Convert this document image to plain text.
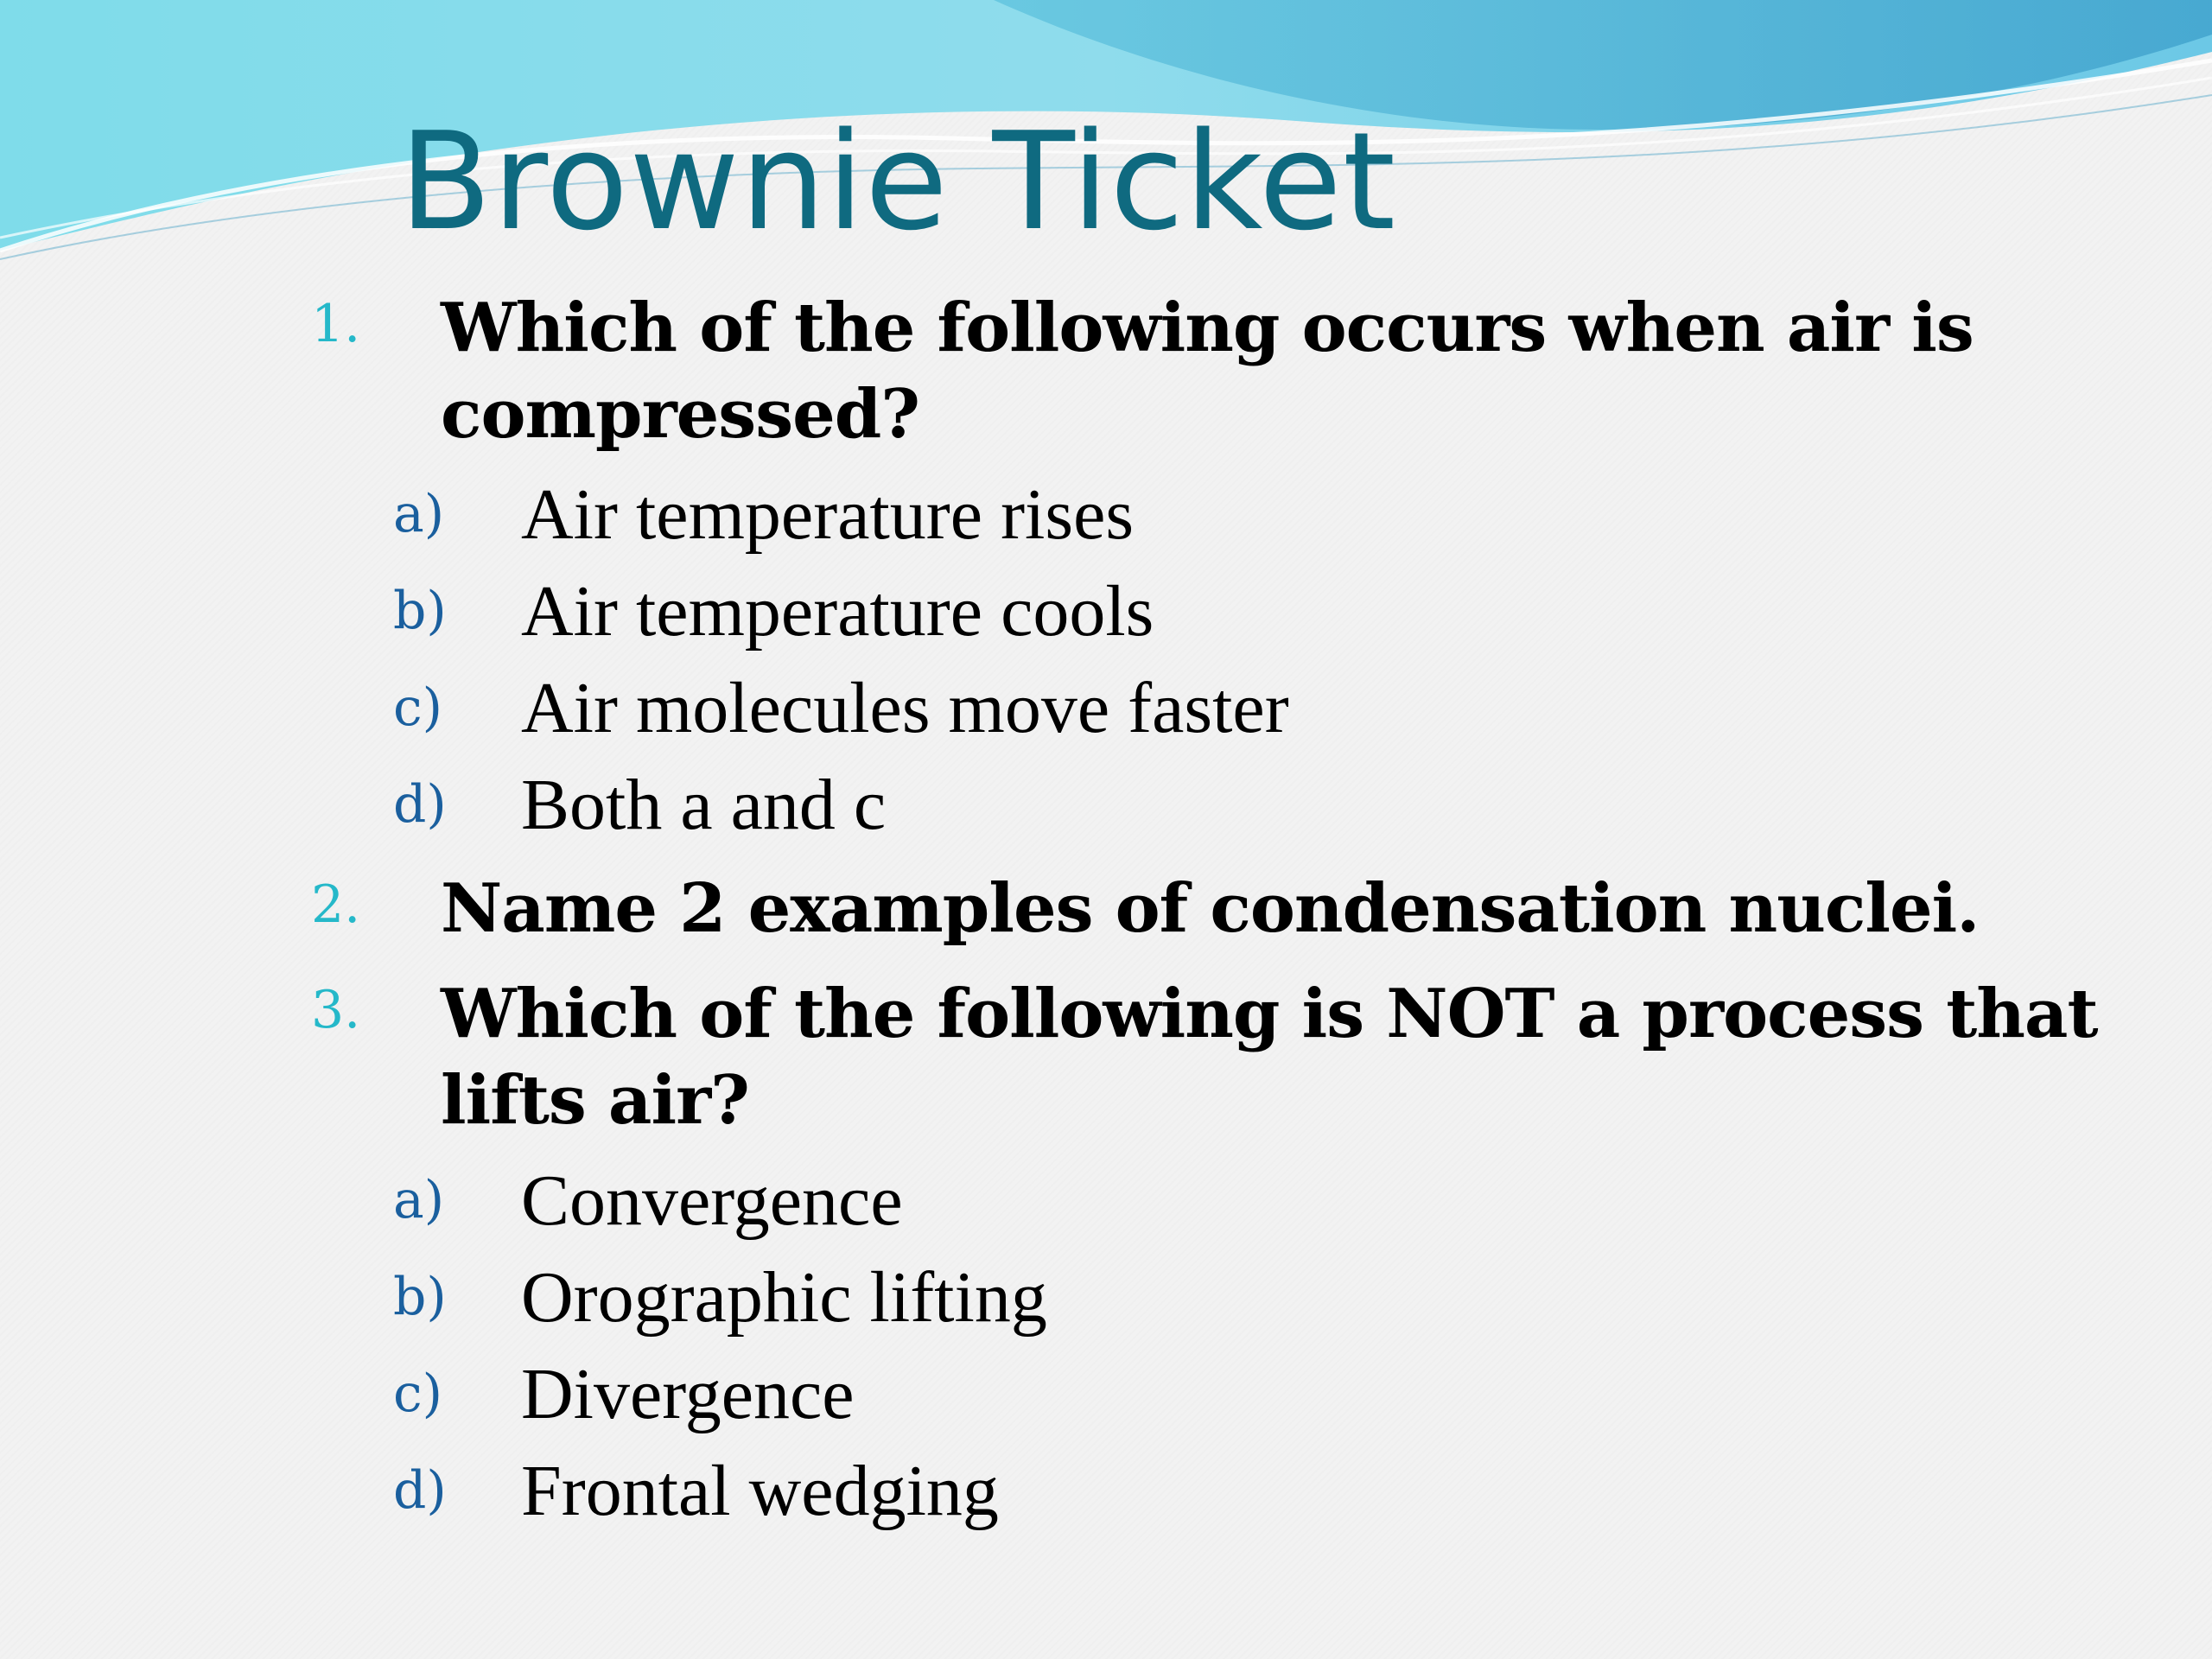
Brownie Ticket
1. Which of the following occurs when air is compressed?
a) Air temperature rises
b) Air temperature cools
c) Air molecules move faster
d) Both a and c
2. Name 2 examples of condensation nuclei.
3. Which of the following is NOT a process that lifts air?
a) Convergence
b) Orographic lifting
c) Divergence
d) Frontal wedging
